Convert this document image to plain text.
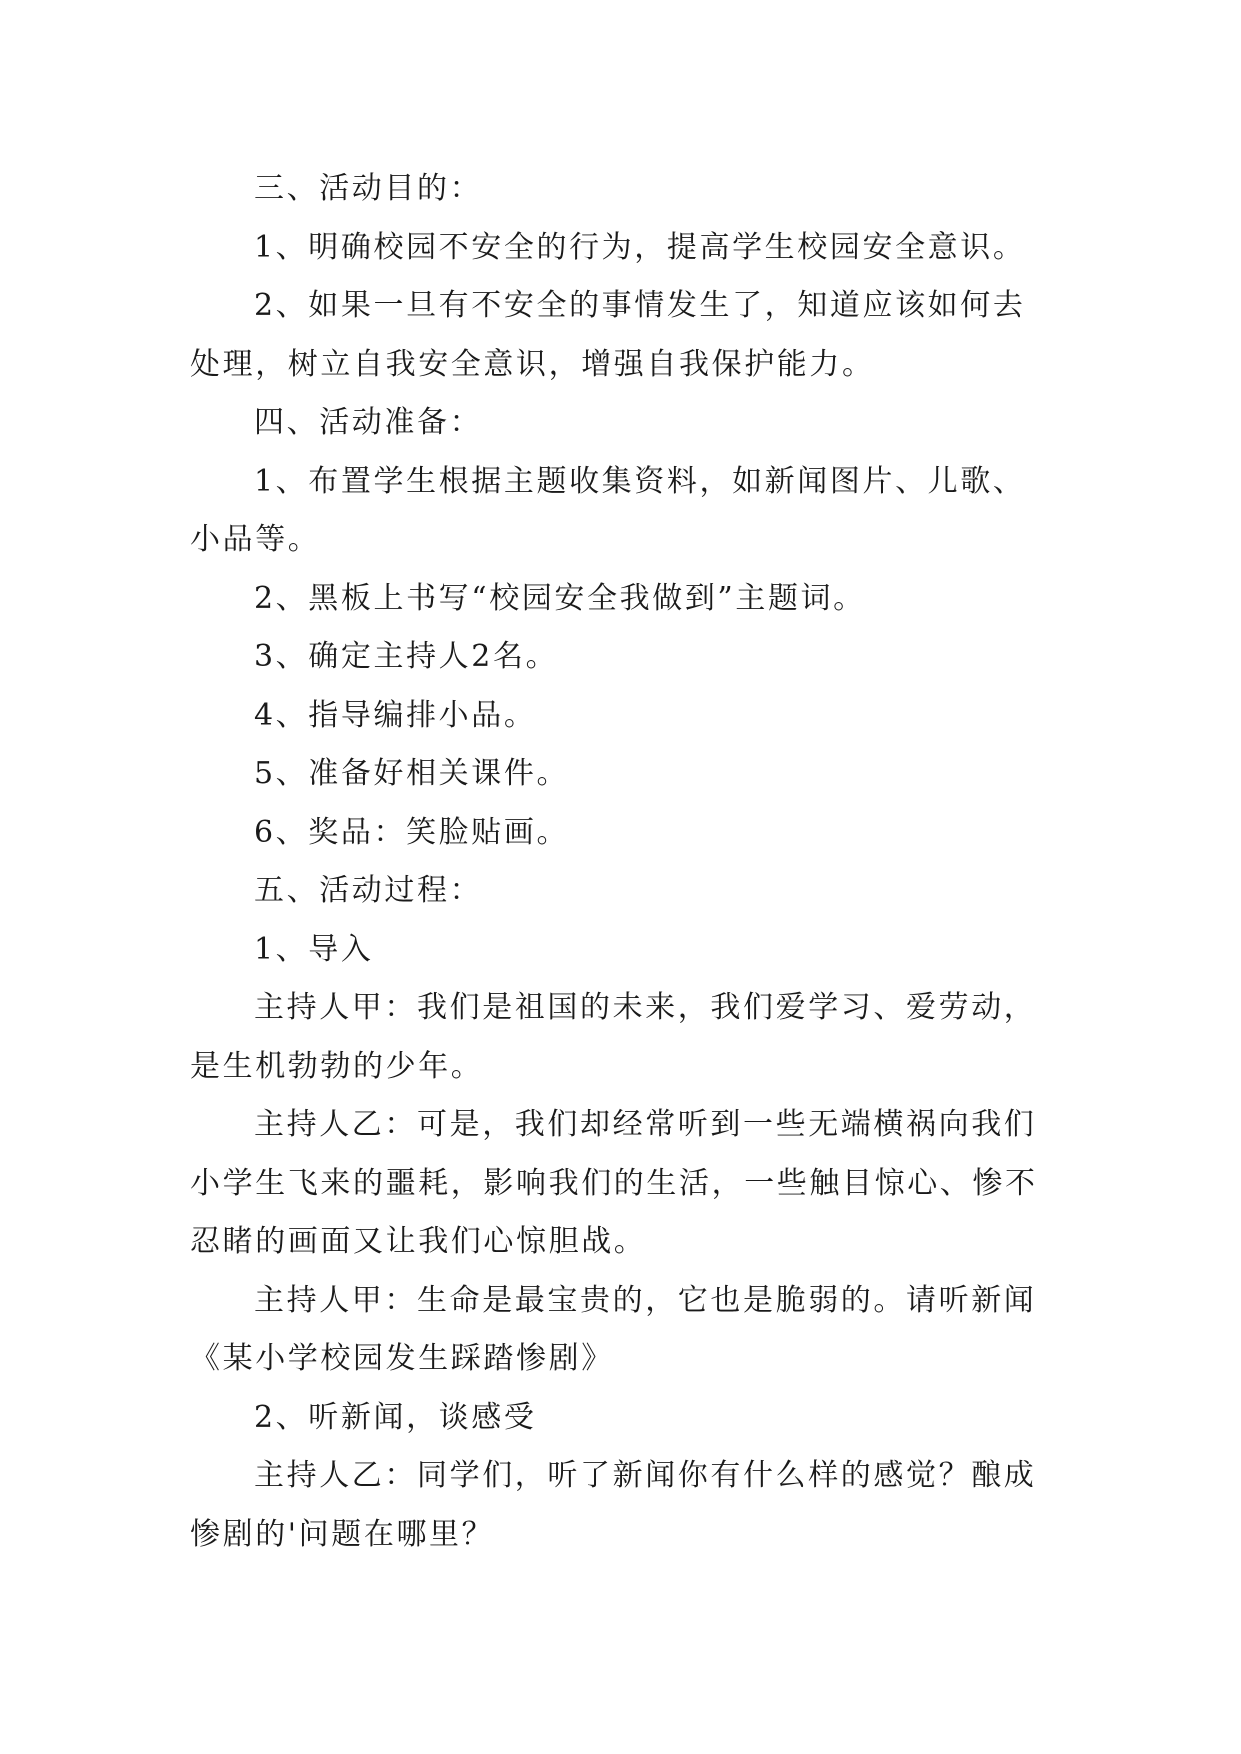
三、活动目的：

1、明确校园不安全的行为，提高学生校园安全意识。

2、如果一旦有不安全的事情发生了，知道应该如何去处理，树立自我安全意识，增强自我保护能力。

四、活动准备：

1、布置学生根据主题收集资料，如新闻图片、儿歌、小品等。

2、黑板上书写“校园安全我做到”主题词。

3、确定主持人2名。

4、指导编排小品。

5、准备好相关课件。

6、奖品：笑脸贴画。

五、活动过程：

1、导入

主持人甲：我们是祖国的未来，我们爱学习、爱劳动，是生机勃勃的少年。

主持人乙：可是，我们却经常听到一些无端横祸向我们小学生飞来的噩耗，影响我们的生活，一些触目惊心、惨不忍睹的画面又让我们心惊胆战。

主持人甲：生命是最宝贵的，它也是脆弱的。请听新闻《某小学校园发生踩踏惨剧》

2、听新闻，谈感受

主持人乙：同学们，听了新闻你有什么样的感觉？酿成惨剧的'问题在哪里？
